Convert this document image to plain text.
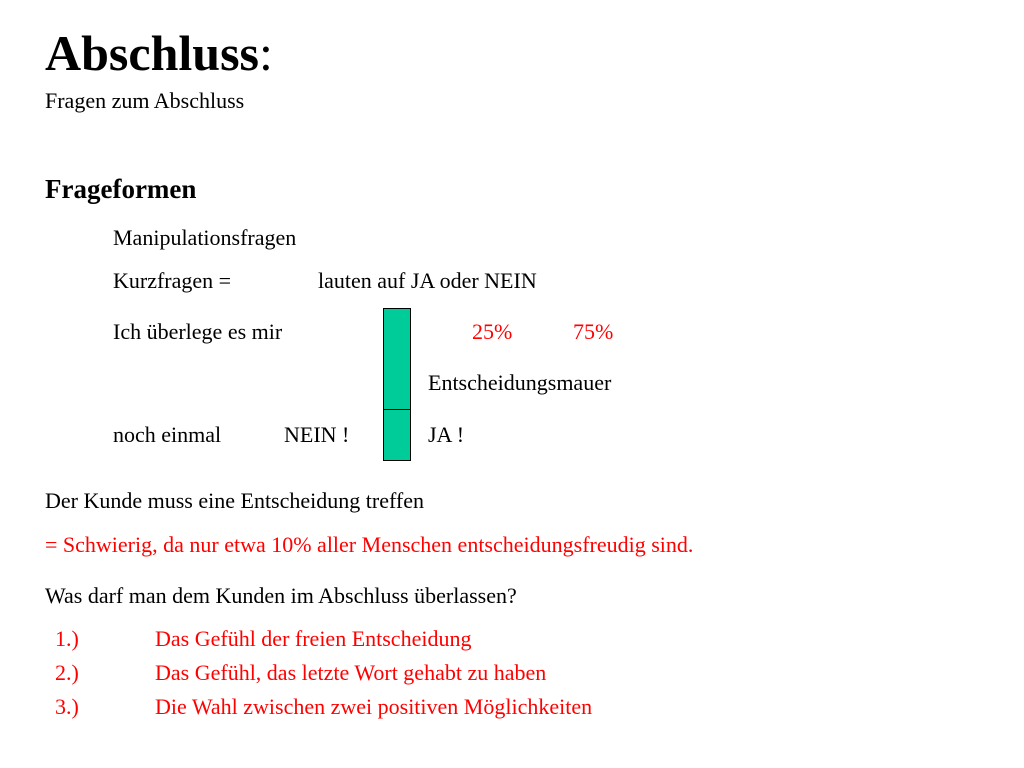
Abschluss:
Fragen zum Abschluss
Frageformen
Manipulationsfragen
Kurzfragen =	lauten auf JA oder NEIN
Ich überlege es mir	25%	75%
Entscheidungsmauer
noch einmal	NEIN !	JA !
Der Kunde muss eine Entscheidung treffen
= Schwierig, da nur etwa 10% aller Menschen entscheidungsfreudig sind.
Was darf man dem Kunden im Abschluss überlassen?
1.)	Das Gefühl der freien Entscheidung
2.)	Das Gefühl, das letzte Wort gehabt zu haben
3.)	Die Wahl zwischen zwei positiven Möglichkeiten
